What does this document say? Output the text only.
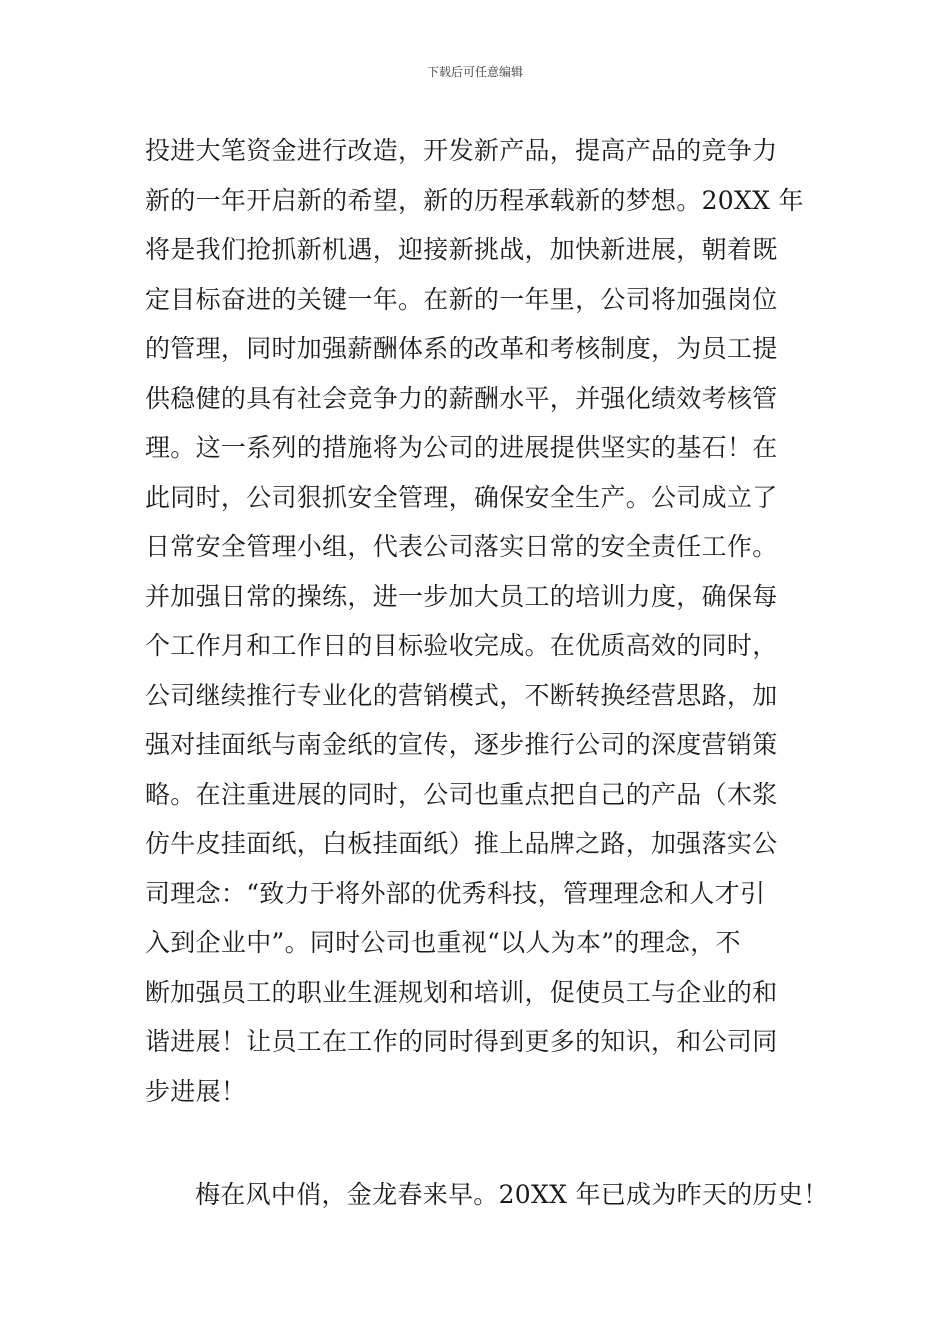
下载后可任意编辑
投进大笔资金进行改造，开发新产品，提高产品的竞争力
新的一年开启新的希望，新的历程承载新的梦想。20XX 年
将是我们抢抓新机遇，迎接新挑战，加快新进展，朝着既
定目标奋进的关键一年。在新的一年里，公司将加强岗位
的管理，同时加强薪酬体系的改革和考核制度，为员工提
供稳健的具有社会竞争力的薪酬水平，并强化绩效考核管
理。这一系列的措施将为公司的进展提供坚实的基石！在
此同时，公司狠抓安全管理，确保安全生产。公司成立了
日常安全管理小组，代表公司落实日常的安全责任工作。
并加强日常的操练，进一步加大员工的培训力度，确保每
个工作月和工作日的目标验收完成。在优质高效的同时，
公司继续推行专业化的营销模式，不断转换经营思路，加
强对挂面纸与南金纸的宣传，逐步推行公司的深度营销策
略。在注重进展的同时，公司也重点把自己的产品（木浆
仿牛皮挂面纸，白板挂面纸）推上品牌之路，加强落实公
司理念：“致力于将外部的优秀科技，管理理念和人才引
入到企业中”。同时公司也重视“以人为本”的理念，不
断加强员工的职业生涯规划和培训，促使员工与企业的和
谐进展！让员工在工作的同时得到更多的知识，和公司同
步进展！
梅在风中俏，金龙春来早。20XX 年已成为昨天的历史！
